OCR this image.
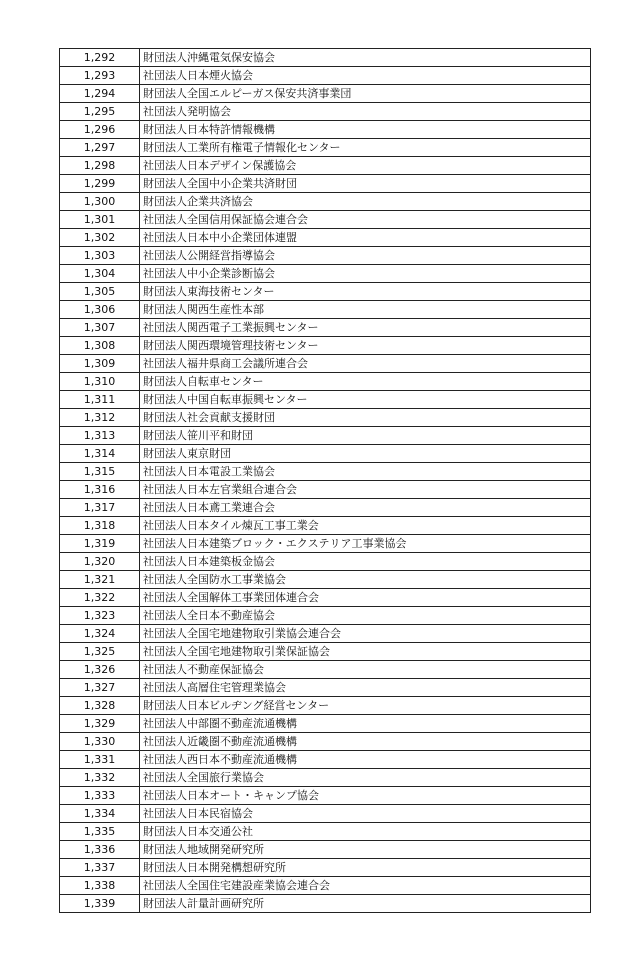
1,292	財団法人沖縄電気保安協会
1,293	社団法人日本煙火協会
1,294	財団法人全国エルピーガス保安共済事業団
1,295	社団法人発明協会
1,296	財団法人日本特許情報機構
1,297	財団法人工業所有権電子情報化センター
1,298	社団法人日本デザイン保護協会
1,299	財団法人全国中小企業共済財団
1,300	財団法人企業共済協会
1,301	社団法人全国信用保証協会連合会
1,302	社団法人日本中小企業団体連盟
1,303	社団法人公開経営指導協会
1,304	社団法人中小企業診断協会
1,305	財団法人東海技術センター
1,306	財団法人関西生産性本部
1,307	社団法人関西電子工業振興センター
1,308	財団法人関西環境管理技術センター
1,309	社団法人福井県商工会議所連合会
1,310	財団法人自転車センター
1,311	財団法人中国自転車振興センター
1,312	財団法人社会貢献支援財団
1,313	財団法人笹川平和財団
1,314	財団法人東京財団
1,315	社団法人日本電設工業協会
1,316	社団法人日本左官業組合連合会
1,317	社団法人日本鳶工業連合会
1,318	社団法人日本タイル煉瓦工事工業会
1,319	社団法人日本建築ブロック・エクステリア工事業協会
1,320	社団法人日本建築板金協会
1,321	社団法人全国防水工事業協会
1,322	社団法人全国解体工事業団体連合会
1,323	社団法人全日本不動産協会
1,324	社団法人全国宅地建物取引業協会連合会
1,325	社団法人全国宅地建物取引業保証協会
1,326	社団法人不動産保証協会
1,327	社団法人高層住宅管理業協会
1,328	財団法人日本ビルヂング経営センター
1,329	社団法人中部圏不動産流通機構
1,330	社団法人近畿圏不動産流通機構
1,331	社団法人西日本不動産流通機構
1,332	社団法人全国旅行業協会
1,333	社団法人日本オート・キャンプ協会
1,334	社団法人日本民宿協会
1,335	財団法人日本交通公社
1,336	財団法人地域開発研究所
1,337	財団法人日本開発構想研究所
1,338	社団法人全国住宅建設産業協会連合会
1,339	財団法人計量計画研究所
